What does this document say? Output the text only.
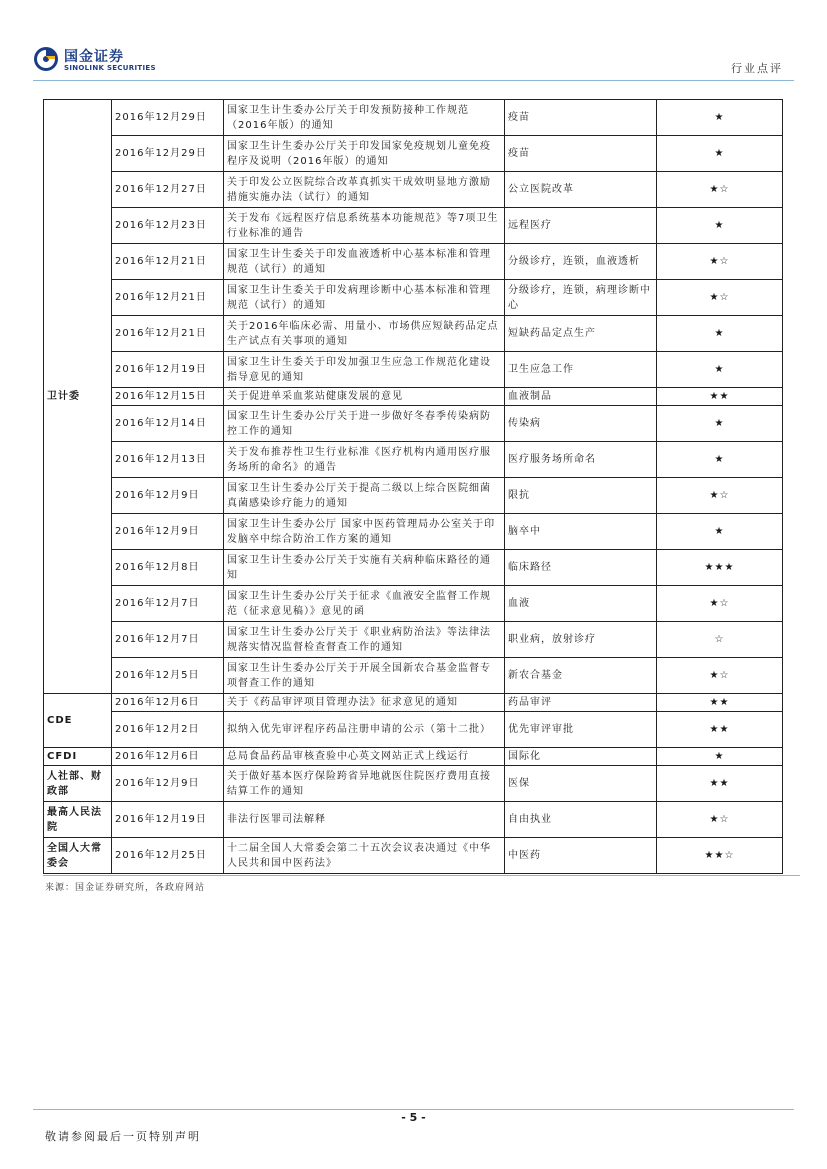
国金证券
SINOLINK SECURITIES	行业点评
卫计委	2016年12月29日	国家卫生计生委办公厅关于印发预防接种工作规范（2016年版）的通知	疫苗	★
	2016年12月29日	国家卫生计生委办公厅关于印发国家免疫规划儿童免疫程序及说明（2016年版）的通知	疫苗	★
	2016年12月27日	关于印发公立医院综合改革真抓实干成效明显地方激励措施实施办法（试行）的通知	公立医院改革	★☆
	2016年12月23日	关于发布《远程医疗信息系统基本功能规范》等7项卫生行业标准的通告	远程医疗	★
	2016年12月21日	国家卫生计生委关于印发血液透析中心基本标准和管理规范（试行）的通知	分级诊疗，连锁，血液透析	★☆
	2016年12月21日	国家卫生计生委关于印发病理诊断中心基本标准和管理规范（试行）的通知	分级诊疗，连锁，病理诊断中心	★☆
	2016年12月21日	关于2016年临床必需、用量小、市场供应短缺药品定点生产试点有关事项的通知	短缺药品定点生产	★
	2016年12月19日	国家卫生计生委关于印发加强卫生应急工作规范化建设指导意见的通知	卫生应急工作	★
	2016年12月15日	关于促进单采血浆站健康发展的意见	血液制品	★★
	2016年12月14日	国家卫生计生委办公厅关于进一步做好冬春季传染病防控工作的通知	传染病	★
	2016年12月13日	关于发布推荐性卫生行业标准《医疗机构内通用医疗服务场所的命名》的通告	医疗服务场所命名	★
	2016年12月9日	国家卫生计生委办公厅关于提高二级以上综合医院细菌真菌感染诊疗能力的通知	限抗	★☆
	2016年12月9日	国家卫生计生委办公厅 国家中医药管理局办公室关于印发脑卒中综合防治工作方案的通知	脑卒中	★
	2016年12月8日	国家卫生计生委办公厅关于实施有关病种临床路径的通知	临床路径	★★★
	2016年12月7日	国家卫生计生委办公厅关于征求《血液安全监督工作规范（征求意见稿）》意见的函	血液	★☆
	2016年12月7日	国家卫生计生委办公厅关于《职业病防治法》等法律法规落实情况监督检查督查工作的通知	职业病，放射诊疗	☆
	2016年12月5日	国家卫生计生委办公厅关于开展全国新农合基金监督专项督查工作的通知	新农合基金	★☆
CDE	2016年12月6日	关于《药品审评项目管理办法》征求意见的通知	药品审评	★★
	2016年12月2日	拟纳入优先审评程序药品注册申请的公示（第十二批）	优先审评审批	★★
CFDI	2016年12月6日	总局食品药品审核查验中心英文网站正式上线运行	国际化	★
人社部、财政部	2016年12月9日	关于做好基本医疗保险跨省异地就医住院医疗费用直接结算工作的通知	医保	★★
最高人民法院	2016年12月19日	非法行医罪司法解释	自由执业	★☆
全国人大常委会	2016年12月25日	十二届全国人大常委会第二十五次会议表决通过《中华人民共和国中医药法》	中医药	★★☆
来源：国金证券研究所，各政府网站
- 5 -
敬请参阅最后一页特别声明
